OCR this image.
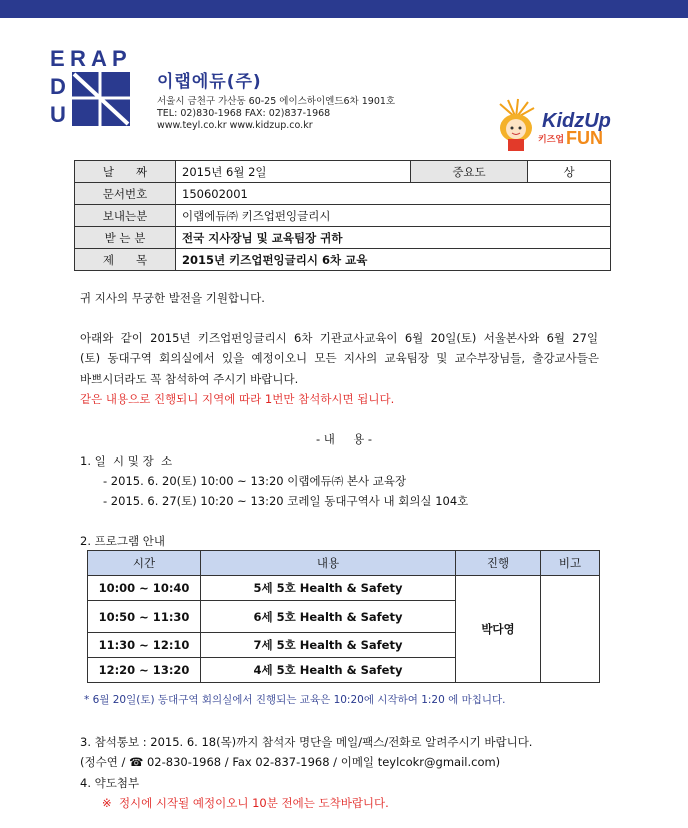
E R A P
D
U
이랩에듀(주)
서울시 금천구 가산동 60-25 에이스하이엔드6차 1901호
TEL: 02)830-1968 FAX: 02)837-1968
www.teyl.co.kr www.kidzup.co.kr	KidzUp
키즈업 FUN
날      짜	2015년 6월 2일	중요도	상
문서번호	150602001		
보내는분	이랩에듀㈜ 키즈업펀잉글리시		
받 는 분	전국 지사장님 및 교육팀장 귀하		
제      목	2015년 키즈업펀잉글리시 6차 교육		
귀 지사의 무궁한 발전을 기원합니다.
아래와  같이  2015년  키즈업펀잉글리시  6차  기관교사교육이  6월  20일(토)  서울본사와  6월  27일
(토)  동대구역  회의실에서  있을  예정이오니  모든  지사의  교육팀장  및  교수부장님들,  출강교사들은
바쁘시더라도 꼭 참석하여 주시기 바랍니다.
같은 내용으로 진행되니 지역에 따라 1번만 참석하시면 됩니다.
- 내     용 -
1. 일  시 및 장  소
- 2015. 6. 20(토) 10:00 ~ 13:20 이랩에듀㈜ 본사 교육장
- 2015. 6. 27(토) 10:20 ~ 13:20 코레일 동대구역사 내 회의실 104호
2. 프로그램 안내
시간	내용	진행	비고
10:00 ~ 10:40	5세 5호 Health & Safety	박다영	
10:50 ~ 11:30	6세 5호 Health & Safety		
11:30 ~ 12:10	7세 5호 Health & Safety		
12:20 ~ 13:20	4세 5호 Health & Safety		
* 6월 20일(토) 동대구역 회의실에서 진행되는 교육은 10:20에 시작하여 1:20 에 마칩니다.
3. 참석통보 : 2015. 6. 18(목)까지 참석자 명단을 메일/팩스/전화로 알려주시기 바랍니다.
(정수연 / ☎ 02-830-1968 / Fax 02-837-1968 / 이메일 teylcokr@gmail.com)
4. 약도첨부
※  정시에 시작될 예정이오니 10분 전에는 도착바랍니다.
